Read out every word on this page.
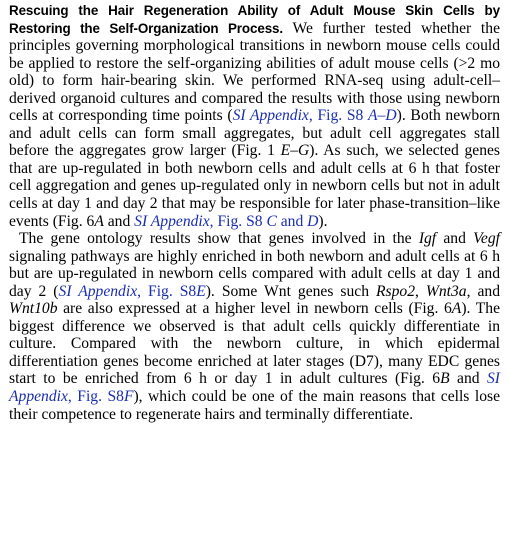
Rescuing the Hair Regeneration Ability of Adult Mouse Skin Cells by Restoring the Self-Organization Process. We further tested whether the principles governing morphological transitions in newborn mouse cells could be applied to restore the self-organizing abilities of adult mouse cells (>2 mo old) to form hair-bearing skin. We performed RNA-seq using adult-cell–derived organoid cultures and compared the results with those using newborn cells at corresponding time points (SI Appendix, Fig. S8 A–D). Both newborn and adult cells can form small aggregates, but adult cell aggregates stall before the aggregates grow larger (Fig. 1 E–G). As such, we selected genes that are up-regulated in both newborn cells and adult cells at 6 h that foster cell aggregation and genes up-regulated only in newborn cells but not in adult cells at day 1 and day 2 that may be responsible for later phase-transition–like events (Fig. 6A and SI Appendix, Fig. S8 C and D).

The gene ontology results show that genes involved in the Igf and Vegf signaling pathways are highly enriched in both newborn and adult cells at 6 h but are up-regulated in newborn cells compared with adult cells at day 1 and day 2 (SI Appendix, Fig. S8E). Some Wnt genes such Rspo2, Wnt3a, and Wnt10b are also expressed at a higher level in newborn cells (Fig. 6A). The biggest difference we observed is that adult cells quickly differentiate in culture. Compared with the newborn culture, in which epidermal differentiation genes become enriched at later stages (D7), many EDC genes start to be enriched from 6 h or day 1 in adult cultures (Fig. 6B and SI Appendix, Fig. S8F), which could be one of the main reasons that cells lose their competence to regenerate hairs and terminally differentiate.
